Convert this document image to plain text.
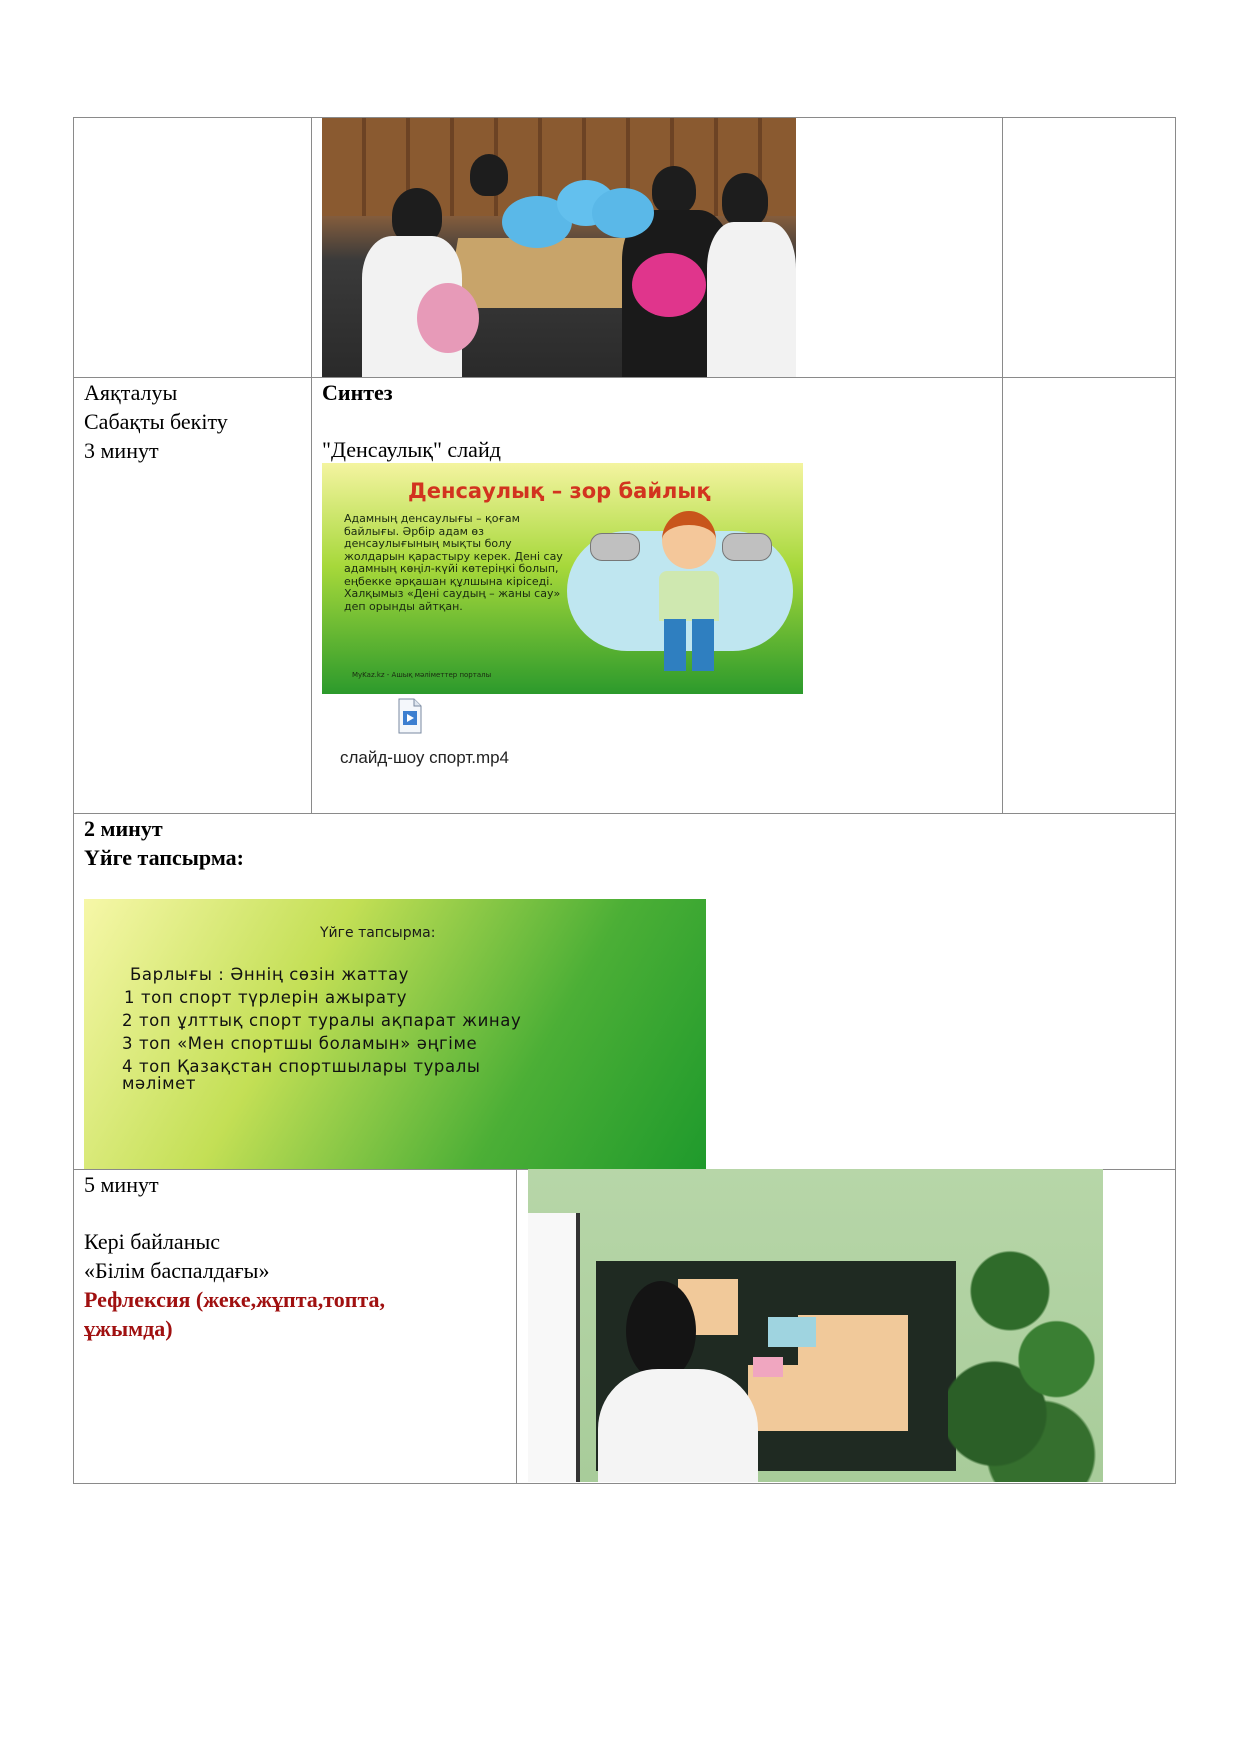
Аяқталуы
Сабақты бекіту
3 минут
Синтез
"Денсаулық" слайд
Денсаулық – зор байлық
Адамның денсаулығы – қоғам байлығы. Әрбір адам өз денсаулығының мықты болу жолдарын қарастыру керек. Дені сау адамның көңіл-күйі көтеріңкі болып, еңбекке әрқашан құлшына кіріседі. Халқымыз «Дені саудың – жаны сау» деп орынды айтқан.
MyKaz.kz - Ашық мәліметтер порталы
слайд-шоу спорт.mp4
2 минут
Үйге тапсырма:
Үйге тапсырма:
Барлығы : Әннің сөзін жаттау
1 топ спорт түрлерін ажырату
2 топ ұлттық спорт туралы ақпарат жинау
3 топ «Мен спортшы боламын» әңгіме
4 топ Қазақстан спортшылары туралы
мәлімет
5 минут
Кері байланыс
«Білім баспалдағы»
Рефлексия (жеке,жұпта,топта,
ұжымда)
